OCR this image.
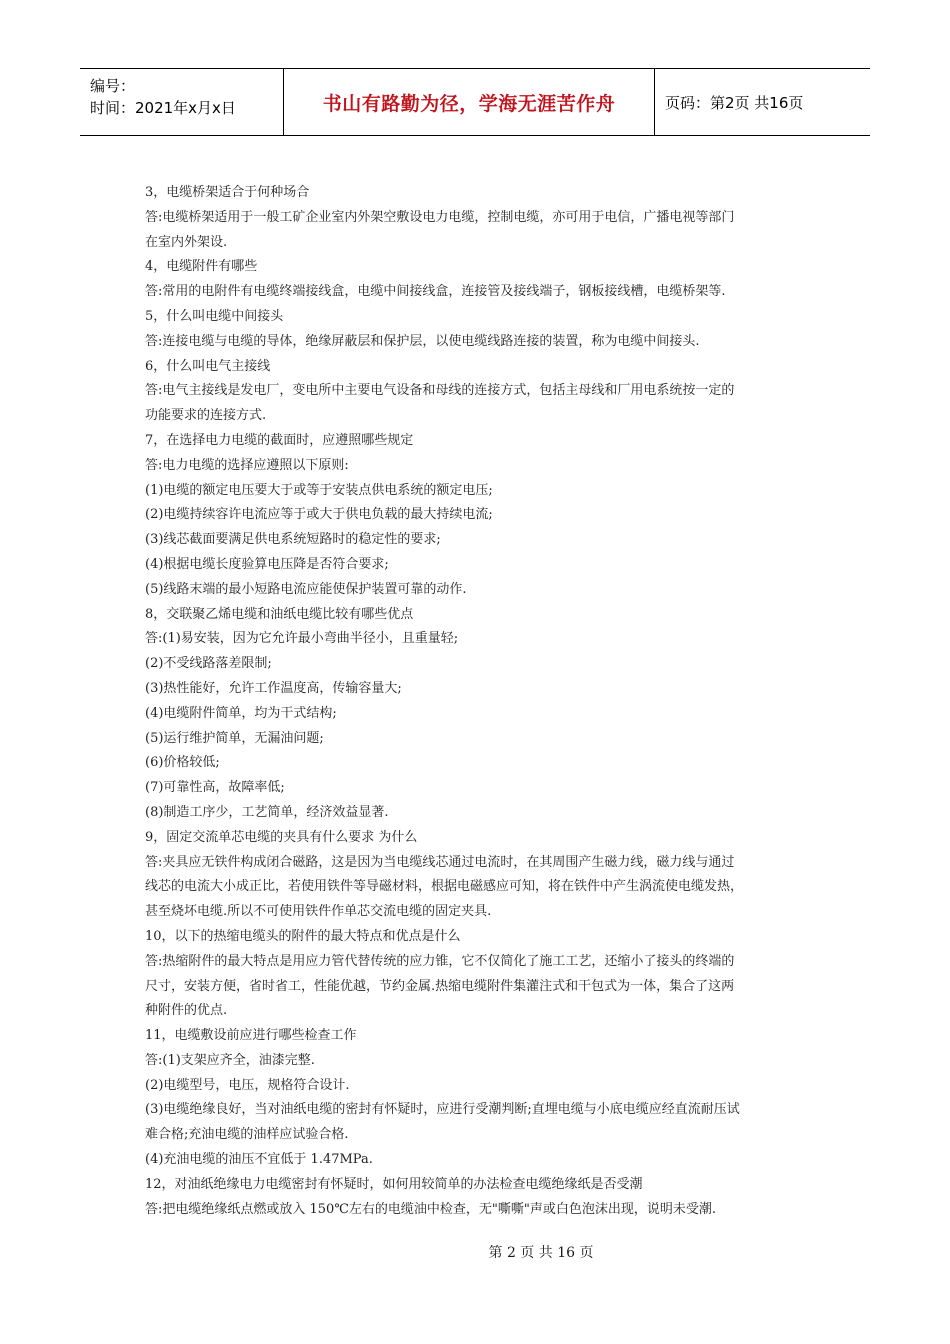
编号：
时间：2021年x月x日	书山有路勤为径，学海无涯苦作舟	页码：第2页 共16页
3，电缆桥架适合于何种场合
答:电缆桥架适用于一般工矿企业室内外架空敷设电力电缆，控制电缆，亦可用于电信，广播电视等部门
在室内外架设.
4，电缆附件有哪些
答:常用的电附件有电缆终端接线盒，电缆中间接线盒，连接管及接线端子，钢板接线槽，电缆桥架等.
5，什么叫电缆中间接头
答:连接电缆与电缆的导体，绝缘屏蔽层和保护层，以使电缆线路连接的装置，称为电缆中间接头.
6，什么叫电气主接线
答:电气主接线是发电厂，变电所中主要电气设备和母线的连接方式，包括主母线和厂用电系统按一定的
功能要求的连接方式.
7，在选择电力电缆的截面时，应遵照哪些规定
答:电力电缆的选择应遵照以下原则:
(1)电缆的额定电压要大于或等于安装点供电系统的额定电压;
(2)电缆持续容许电流应等于或大于供电负载的最大持续电流;
(3)线芯截面要满足供电系统短路时的稳定性的要求;
(4)根据电缆长度验算电压降是否符合要求;
(5)线路末端的最小短路电流应能使保护装置可靠的动作.
8，交联聚乙烯电缆和油纸电缆比较有哪些优点
答:(1)易安装，因为它允许最小弯曲半径小，且重量轻;
(2)不受线路落差限制;
(3)热性能好，允许工作温度高，传输容量大;
(4)电缆附件简单，均为干式结构;
(5)运行维护简单，无漏油问题;
(6)价格较低;
(7)可靠性高，故障率低;
(8)制造工序少，工艺简单，经济效益显著.
9，固定交流单芯电缆的夹具有什么要求 为什么
答:夹具应无铁件构成闭合磁路，这是因为当电缆线芯通过电流时，在其周围产生磁力线，磁力线与通过
线芯的电流大小成正比，若使用铁件等导磁材料，根据电磁感应可知，将在铁件中产生涡流使电缆发热，
甚至烧坏电缆.所以不可使用铁件作单芯交流电缆的固定夹具.
10，以下的热缩电缆头的附件的最大特点和优点是什么
答:热缩附件的最大特点是用应力管代替传统的应力锥，它不仅简化了施工工艺，还缩小了接头的终端的
尺寸，安装方便，省时省工，性能优越，节约金属.热缩电缆附件集灌注式和干包式为一体，集合了这两
种附件的优点.
11，电缆敷设前应进行哪些检查工作
答:(1)支架应齐全，油漆完整.
(2)电缆型号，电压，规格符合设计.
(3)电缆绝缘良好，当对油纸电缆的密封有怀疑时，应进行受潮判断;直埋电缆与小底电缆应经直流耐压试
难合格;充油电缆的油样应试验合格.
(4)充油电缆的油压不宜低于 1.47MPa.
12，对油纸绝缘电力电缆密封有怀疑时，如何用较简单的办法检查电缆绝缘纸是否受潮
答:把电缆绝缘纸点燃或放入 150℃左右的电缆油中检查，无"嘶嘶"声或白色泡沫出现，说明未受潮.
第 2 页 共 16 页
